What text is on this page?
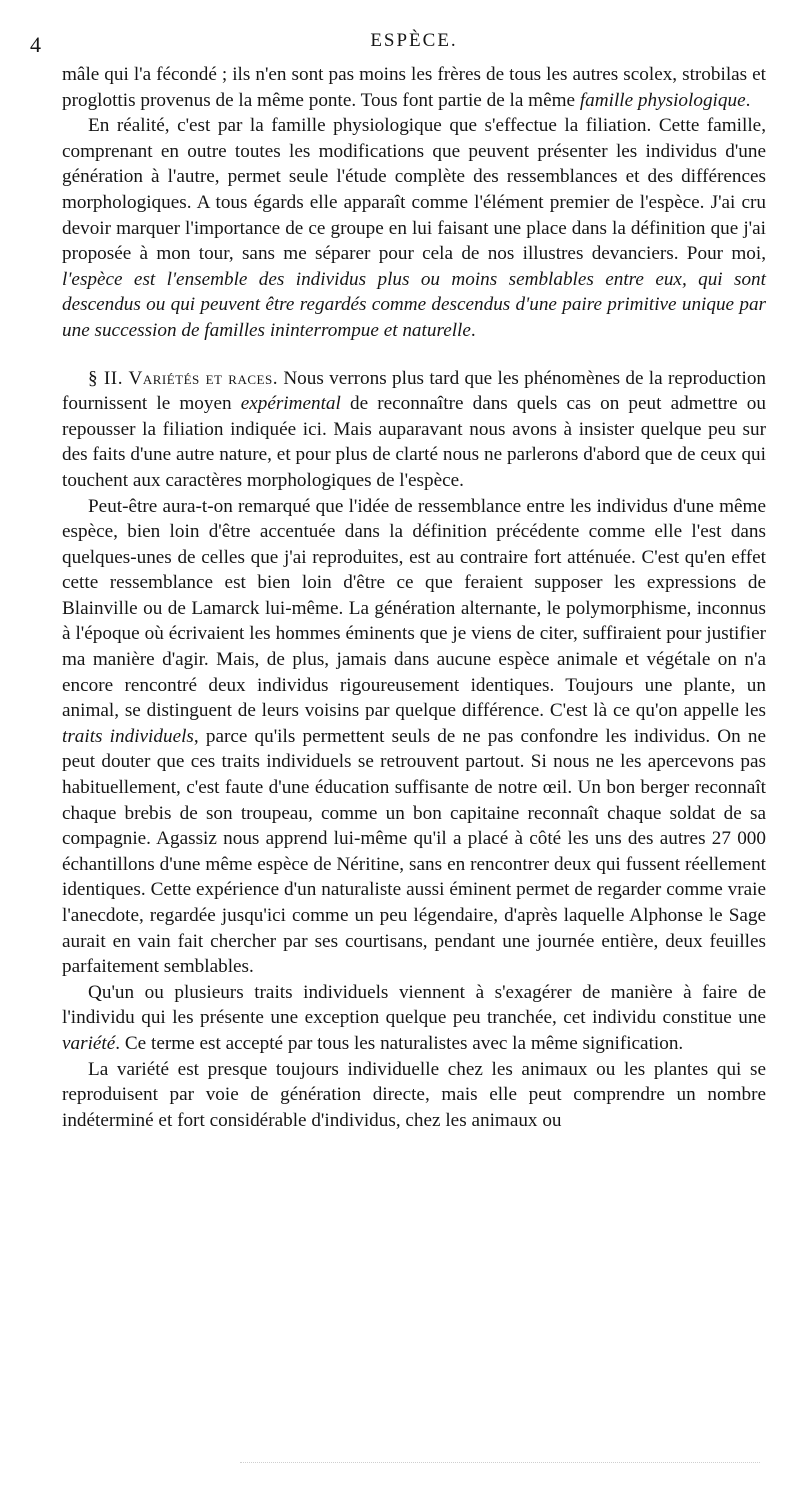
4	ESPÈCE.

mâle qui l'a fécondé ; ils n'en sont pas moins les frères de tous les autres scolex, strobilas et proglottis provenus de la même ponte. Tous font partie de la même famille physiologique.

En réalité, c'est par la famille physiologique que s'effectue la filiation. Cette famille, comprenant en outre toutes les modifications que peuvent présenter les individus d'une génération à l'autre, permet seule l'étude complète des ressemblances et des différences morphologiques. A tous égards elle apparaît comme l'élément premier de l'espèce. J'ai cru devoir marquer l'importance de ce groupe en lui faisant une place dans la définition que j'ai proposée à mon tour, sans me séparer pour cela de nos illustres devanciers. Pour moi, l'espèce est l'ensemble des individus plus ou moins semblables entre eux, qui sont descendus ou qui peuvent être regardés comme descendus d'une paire primitive unique par une succession de familles ininterrompue et naturelle.

§ II. Variétés et races. Nous verrons plus tard que les phénomènes de la reproduction fournissent le moyen expérimental de reconnaître dans quels cas on peut admettre ou repousser la filiation indiquée ici. Mais auparavant nous avons à insister quelque peu sur des faits d'une autre nature, et pour plus de clarté nous ne parlerons d'abord que de ceux qui touchent aux caractères morphologiques de l'espèce.

Peut-être aura-t-on remarqué que l'idée de ressemblance entre les individus d'une même espèce, bien loin d'être accentuée dans la définition précédente comme elle l'est dans quelques-unes de celles que j'ai reproduites, est au contraire fort atténuée. C'est qu'en effet cette ressemblance est bien loin d'être ce que feraient supposer les expressions de Blainville ou de Lamarck lui-même. La génération alternante, le polymorphisme, inconnus à l'époque où écrivaient les hommes éminents que je viens de citer, suffiraient pour justifier ma manière d'agir. Mais, de plus, jamais dans aucune espèce animale et végétale on n'a encore rencontré deux individus rigoureusement identiques. Toujours une plante, un animal, se distinguent de leurs voisins par quelque différence. C'est là ce qu'on appelle les traits individuels, parce qu'ils permettent seuls de ne pas confondre les individus. On ne peut douter que ces traits individuels se retrouvent partout. Si nous ne les apercevons pas habituellement, c'est faute d'une éducation suffisante de notre œil. Un bon berger reconnaît chaque brebis de son troupeau, comme un bon capitaine reconnaît chaque soldat de sa compagnie. Agassiz nous apprend lui-même qu'il a placé à côté les uns des autres 27 000 échantillons d'une même espèce de Néritine, sans en rencontrer deux qui fussent réellement identiques. Cette expérience d'un naturaliste aussi éminent permet de regarder comme vraie l'anecdote, regardée jusqu'ici comme un peu légendaire, d'après laquelle Alphonse le Sage aurait en vain fait chercher par ses courtisans, pendant une journée entière, deux feuilles parfaitement semblables.

Qu'un ou plusieurs traits individuels viennent à s'exagérer de manière à faire de l'individu qui les présente une exception quelque peu tranchée, cet individu constitue une variété. Ce terme est accepté par tous les naturalistes avec la même signification.

La variété est presque toujours individuelle chez les animaux ou les plantes qui se reproduisent par voie de génération directe, mais elle peut comprendre un nombre indéterminé et fort considérable d'individus, chez les animaux ou
